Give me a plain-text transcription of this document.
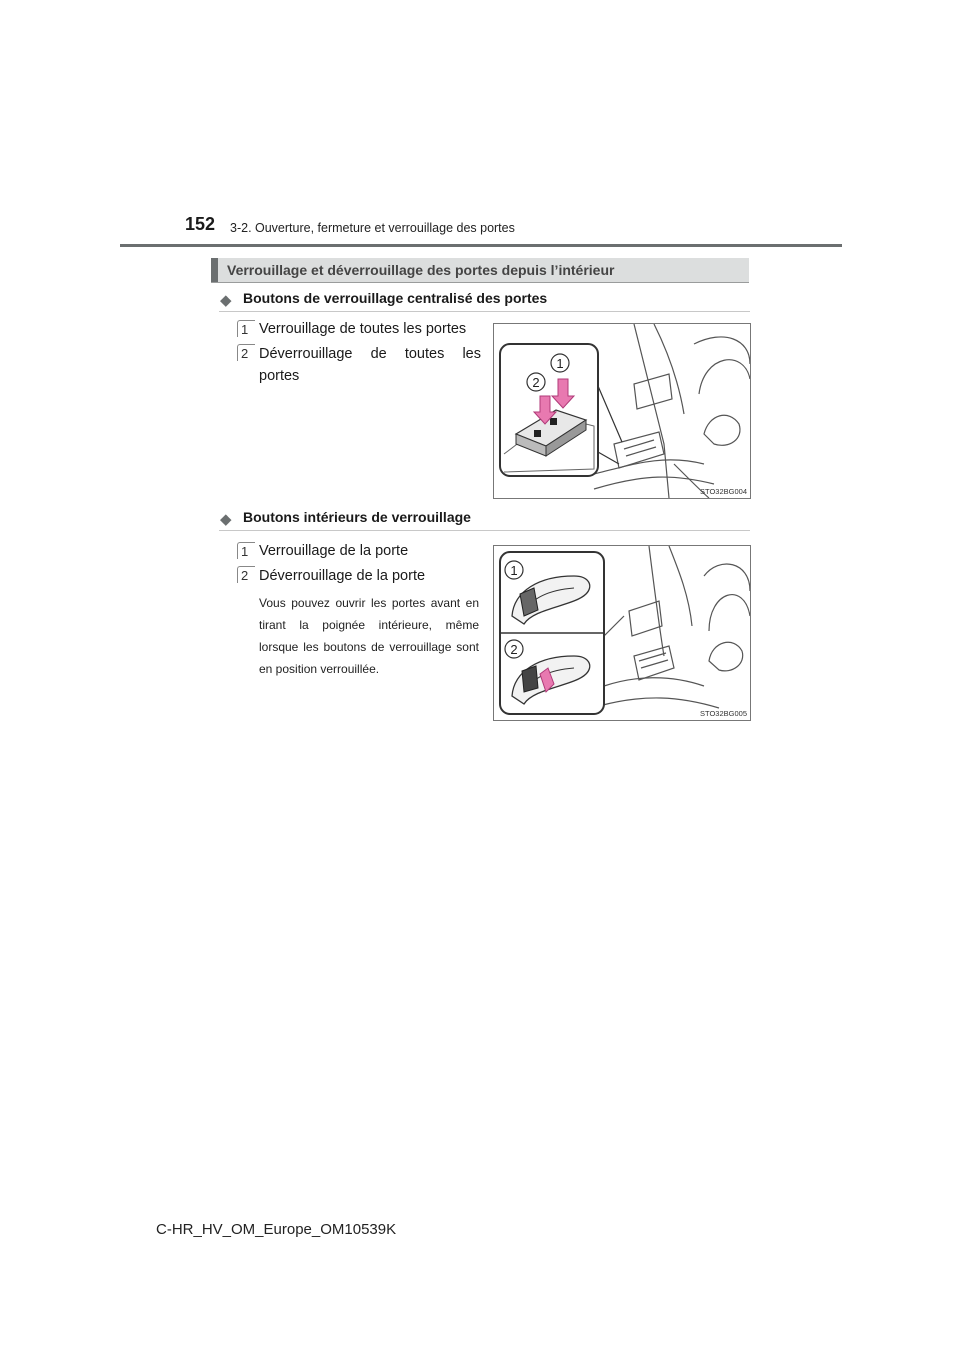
152 3-2. Ouverture, fermeture et verrouillage des portes
Verrouillage et déverrouillage des portes depuis l’intérieur
◆ Boutons de verrouillage centralisé des portes
1 Verrouillage de toutes les portes
2 Déverrouillage de toutes les portes
1
2
STO32BG004
◆ Boutons intérieurs de verrouillage
1 Verrouillage de la porte
2 Déverrouillage de la porte
Vous pouvez ouvrir les portes avant en tirant la poignée intérieure, même lorsque les boutons de verrouillage sont en position verrouillée.
1
2
STO32BG005
C-HR_HV_OM_Europe_OM10539K
